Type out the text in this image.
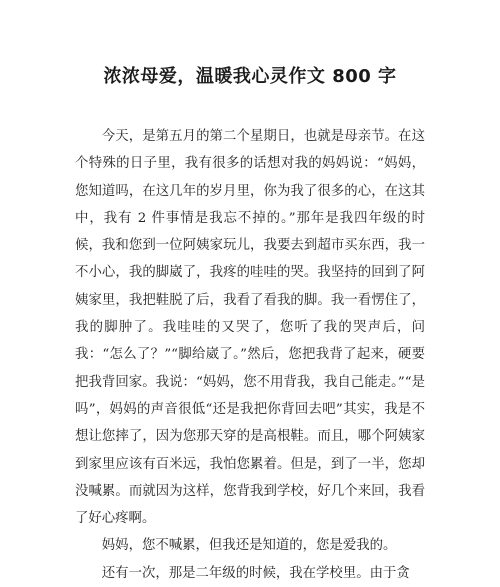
浓浓母爱，温暖我心灵作文 800 字

今天，是第五月的第二个星期日，也就是母亲节。在这个特殊的日子里，我有很多的话想对我的妈妈说：“妈妈，您知道吗，在这几年的岁月里，你为我了很多的心，在这其中，我有 2 件事情是我忘不掉的。”那年是我四年级的时候，我和您到一位阿姨家玩儿，我要去到超市买东西，我一不小心，我的脚崴了，我疼的哇哇的哭。我坚持的回到了阿姨家里，我把鞋脱了后，我看了看我的脚。我一看愣住了，我的脚肿了。我哇哇的又哭了，您听了我的哭声后，问我：“怎么了？”“脚给崴了。”然后，您把我背了起来，硬要把我背回家。我说：“妈妈，您不用背我，我自己能走。”“是吗”，妈妈的声音很低“还是我把你背回去吧”其实，我是不想让您摔了，因为您那天穿的是高根鞋。而且，哪个阿姨家到家里应该有百米远，我怕您累着。但是，到了一半，您却没喊累。而就因为这样，您背我到学校，好几个来回，我看了好心疼啊。

妈妈，您不喊累，但我还是知道的，您是爱我的。

还有一次，那是二年级的时候，我在学校里。由于贪
